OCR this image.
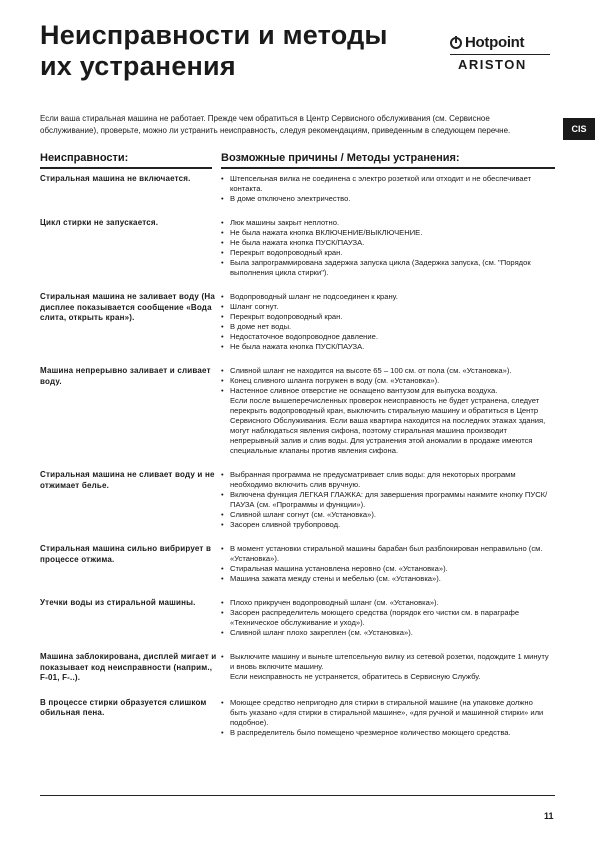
Неисправности и методы
их устранения
Hotpoint
ARISTON
CIS
Если ваша стиральная машина не работает. Прежде чем обратиться в Центр Сервисного обслуживания (см. Сервисное обслуживание), проверьте, можно ли устранить неисправность, следуя рекомендациям, приведенным в следующем перечне.
Неисправности:	Возможные причины / Методы устранения:
Стиральная машина не включается.	• Штепсельная вилка не соединена с электро розеткой или отходит и не обеспечивает контакта.
• В доме отключено электричество.
Цикл стирки не запускается.	• Люк машины закрыт неплотно.
• Не была нажата кнопка ВКЛЮЧЕНИЕ/ВЫКЛЮЧЕНИЕ.
• Не была нажата кнопка ПУСК/ПАУЗА.
• Перекрыт водопроводный кран.
• Была запрограммирована задержка запуска цикла (Задержка запуска, (см. "Порядок выполнения цикла стирки").
Стиральная машина не заливает воду (На дисплее показывается сообщение «Вода слита, открыть кран»).
• Водопроводный шланг не подсоединен к крану.
• Шланг согнут.
• Перекрыт водопроводный кран.
• В доме нет воды.
• Недостаточное водопроводное давление.
• Не была нажата кнопка ПУСК/ПАУЗА.
Машина непрерывно заливает и сливает воду.
• Сливной шланг не находится на высоте 65 – 100 см. от пола (см. «Установка»).
• Конец сливного шланга погружен в воду (см. «Установка»).
• Настенное сливное отверстие не оснащено вантузом для выпуска воздуха.
Если после вышеперечисленных проверок неисправность не будет устранена, следует перекрыть водопроводный кран, выключить стиральную машину и обратиться в Центр Сервисного Обслуживания. Если ваша квартира находится на последних этажах здания, могут наблюдаться явления сифона, поэтому стиральная машина производит непрерывный залив и слив воды. Для устранения этой аномалии в продаже имеются специальные клапаны против явления сифона.
Стиральная машина не сливает воду и не отжимает белье.
• Выбранная программа не предусматривает слив воды: для некоторых программ необходимо включить слив вручную.
• Включена функция ЛЕГКАЯ ГЛАЖКА: для завершения программы нажмите кнопку ПУСК/ПАУЗА (см. «Программы и функции»).
• Сливной шланг согнут (см. «Установка»).
• Засорен сливной трубопровод.
Стиральная машина сильно вибрирует в процессе отжима.
• В момент установки стиральной машины барабан был разблокирован неправильно (см. «Установка»).
• Стиральная машина установлена неровно (см. «Установка»).
• Машина зажата между стены и мебелью (см. «Установка»).
Утечки воды из стиральной машины.	• Плохо прикручен водопроводный шланг (см. «Установка»).
• Засорен распределитель моющего средства (порядок его чистки см. в параграфе «Техническое обслуживание и уход»).
• Сливной шланг плохо закреплен (см. «Установка»).
Машина заблокирована, дисплей мигает и показывает код неисправности (наприм., F-01, F-..).
• Выключите машину и выньте штепсельную вилку из сетевой розетки, подождите 1 минуту и вновь включите машину.
Если неисправность не устраняется, обратитесь в Сервисную Службу.
В процессе стирки образуется слишком обильная пена.
• Моющее средство непригодно для стирки в стиральной машине (на упаковке должно быть указано «для стирки в стиральной машине», «для ручной и машинной стирки» или подобное).
• В распределитель было помещено чрезмерное количество моющего средства.
11
